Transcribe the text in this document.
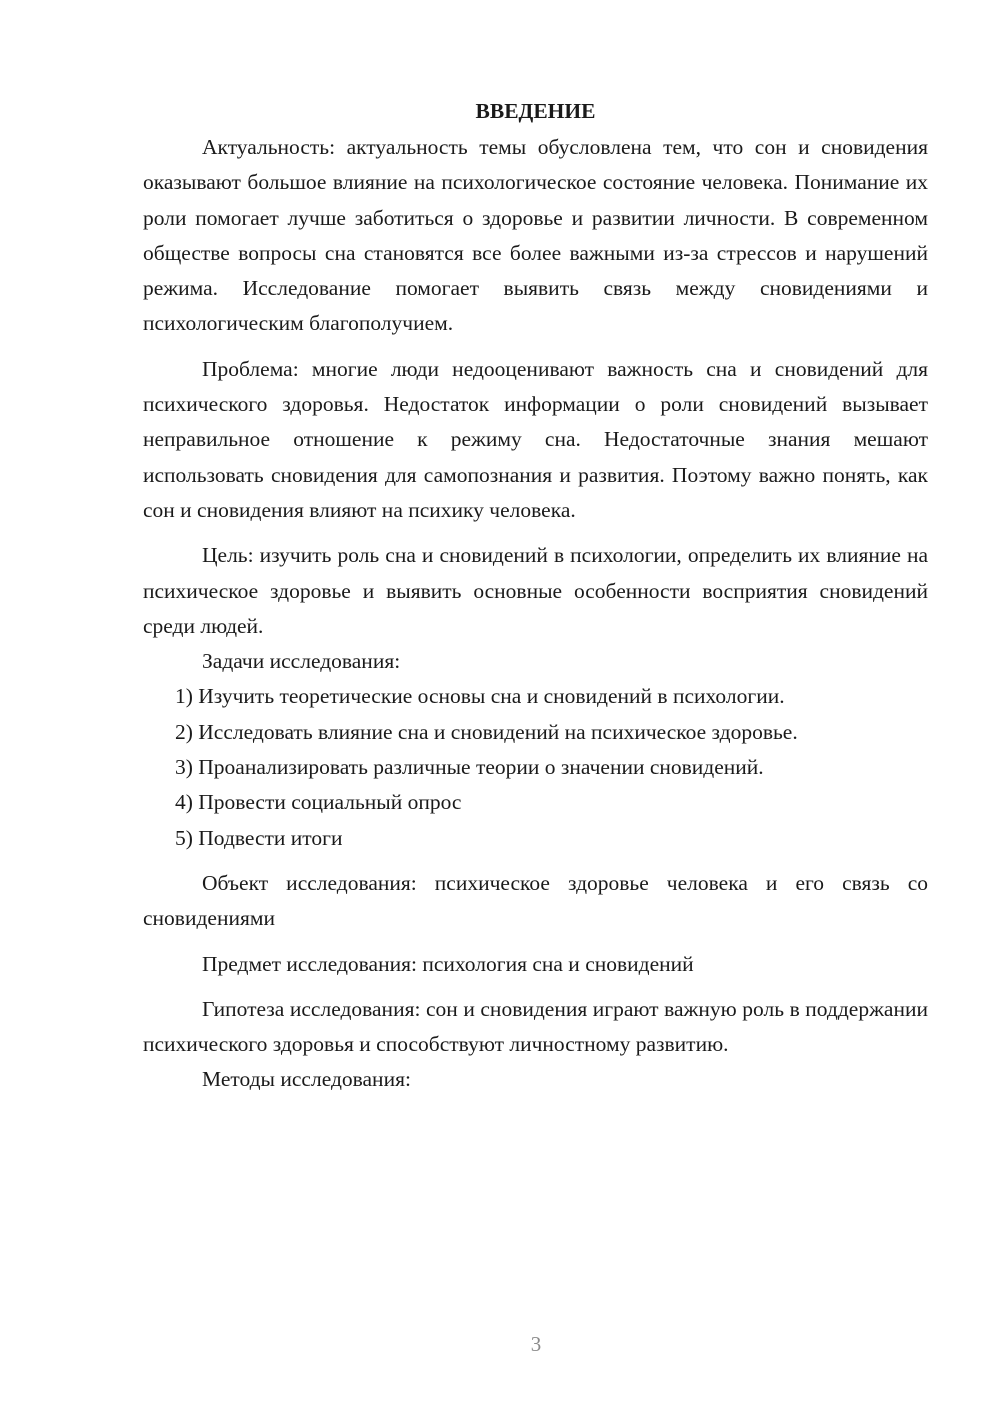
ВВЕДЕНИЕ

Актуальность: актуальность темы обусловлена тем, что сон и сновидения оказывают большое влияние на психологическое состояние человека. Понимание их роли помогает лучше заботиться о здоровье и развитии личности. В современном обществе вопросы сна становятся все более важными из-за стрессов и нарушений режима. Исследование помогает выявить связь между сновидениями и психологическим благополучием.

Проблема: многие люди недооценивают важность сна и сновидений для психического здоровья. Недостаток информации о роли сновидений вызывает неправильное отношение к режиму сна. Недостаточные знания мешают использовать сновидения для самопознания и развития. Поэтому важно понять, как сон и сновидения влияют на психику человека.

Цель: изучить роль сна и сновидений в психологии, определить их влияние на психическое здоровье и выявить основные особенности восприятия сновидений среди людей.

Задачи исследования:

1) Изучить теоретические основы сна и сновидений в психологии.

2) Исследовать влияние сна и сновидений на психическое здоровье.

3) Проанализировать различные теории о значении сновидений.

4) Провести социальный опрос

5) Подвести итоги

Объект исследования: психическое здоровье человека и его связь со сновидениями

Предмет исследования: психология сна и сновидений

Гипотеза исследования: сон и сновидения играют важную роль в поддержании психического здоровья и способствуют личностному развитию.

Методы исследования:

3
